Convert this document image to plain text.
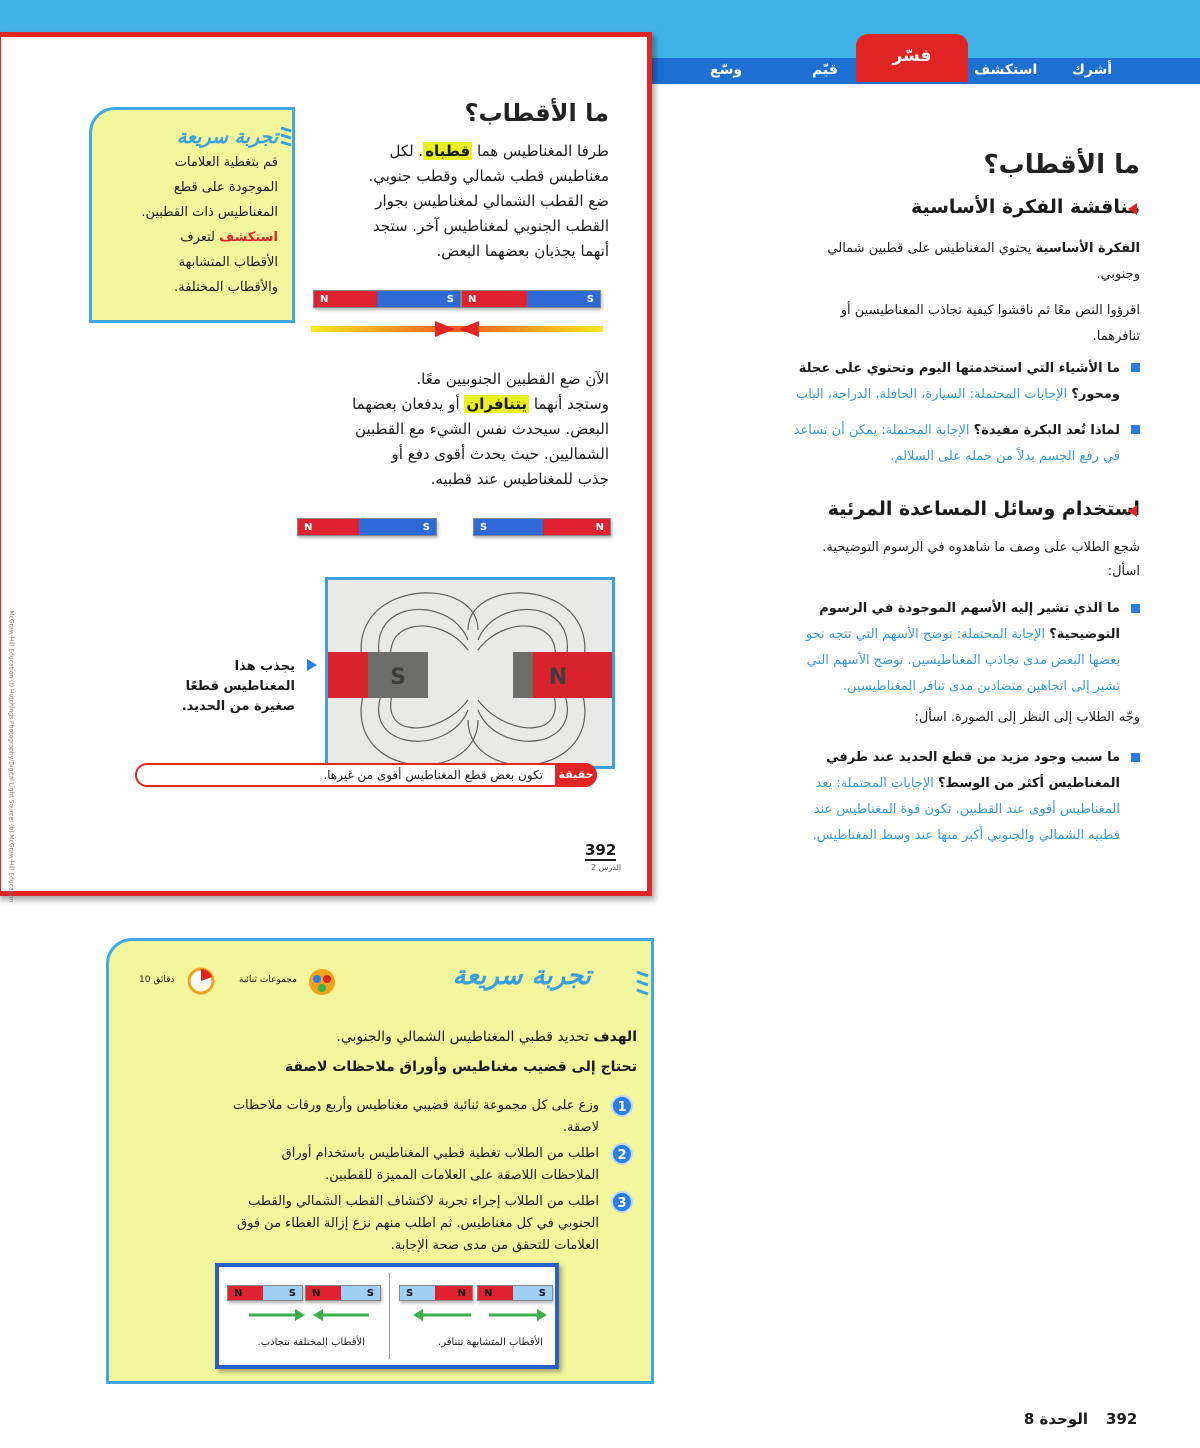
أشرك
استكشف
قيّم
وسّع
فسّر
ما الأقطاب؟
طرفا المغناطيس هما قطباه. لكل
مغناطيس قطب شمالي وقطب جنوبي.
ضع القطب الشمالي لمغناطيس بجوار
القطب الجنوبي لمغناطيس آخر. ستجد
أنهما يجذبان بعضهما البعض.
N	S	N	S
الآن ضع القطبين الجنوبيين معًا.
وستجد أنهما يتنافران أو يدفعان بعضهما
البعض. سيحدث نفس الشيء مع القطبين
الشماليين. حيث يحدث أقوى دفع أو
جذب للمغناطيس عند قطبيه.
N	S	S	N
تجربة سريعة
قم بتغطية العلامات
الموجودة على قطع
المغناطيس ذات القطبين.
استكشف لتعرف
الأقطاب المتشابهة
والأقطاب المختلفة.
S	N
يجذب هذا
المغناطيس قطعًا
صغيرة من الحديد.
حقيقة
تكون بعض قطع المغناطيس أقوى من غيرها.
392
الدرس 2
McGraw-Hill Education (t) Hutchings Photography/Digital Light Source; (b) McGraw-Hill Education
ما الأقطاب؟
مناقشة الفكرة الأساسية
الفكرة الأساسية يحتوي المغناطيس على قطبين شمالي
وجنوبي.
اقرؤوا النص معًا ثم ناقشوا كيفية تجاذب المغناطيسين أو
تنافرهما.
ما الأشياء التي استخدمتها اليوم وتحتوي على عجلة
ومحور؟ الإجابات المحتملة: السيارة، الحافلة، الدراجة، الباب
لماذا تُعد البكرة مفيدة؟ الإجابة المحتملة: يمكن أن تساعد
في رفع الجسم بدلاً من حمله على السلالم.
استخدام وسائل المساعدة المرئية
شجع الطلاب على وصف ما شاهدوه في الرسوم التوضيحية.
اسأل:
ما الذي تشير إليه الأسهم الموجودة في الرسوم
التوضيحية؟ الإجابة المحتملة: توضح الأسهم التي تتجه نحو
بعضها البعض مدى تجاذب المغناطيسين. توضح الأسهم التي
تشير إلى اتجاهين متضادين مدى تنافر المغناطيسين.
وجّه الطلاب إلى النظر إلى الصورة. اسأل:
ما سبب وجود مزيد من قطع الحديد عند طرفي
المغناطيس أكثر من الوسط؟ الإجابات المحتملة: يعد
المغناطيس أقوى عند القطبين. تكون قوة المغناطيس عند
قطبيه الشمالي والجنوبي أكبر منها عند وسط المغناطيس.
تجربة سريعة
مجموعات ثنائية
10 دقائق
الهدف تحديد قطبي المغناطيس الشمالي والجنوبي.
تحتاج إلى قضيب مغناطيس وأوراق ملاحظات لاصقة
1
وزع على كل مجموعة ثنائية قضيبي مغناطيس وأربع ورقات ملاحظات
لاصقة.
2
اطلب من الطلاب تغطية قطبي المغناطيس باستخدام أوراق
الملاحظات اللاصقة على العلامات المميزة للقطبين.
3
اطلب من الطلاب إجراء تجربة لاكتشاف القطب الشمالي والقطب
الجنوبي في كل مغناطيس. ثم اطلب منهم نزع إزالة الغطاء من فوق
العلامات للتحقق من مدى صحة الإجابة.
N	S	N	S
الأقطاب المختلفة تتجاذب.
S	N	N	S
الأقطاب المتشابهة تتنافر.
392
الوحدة 8
